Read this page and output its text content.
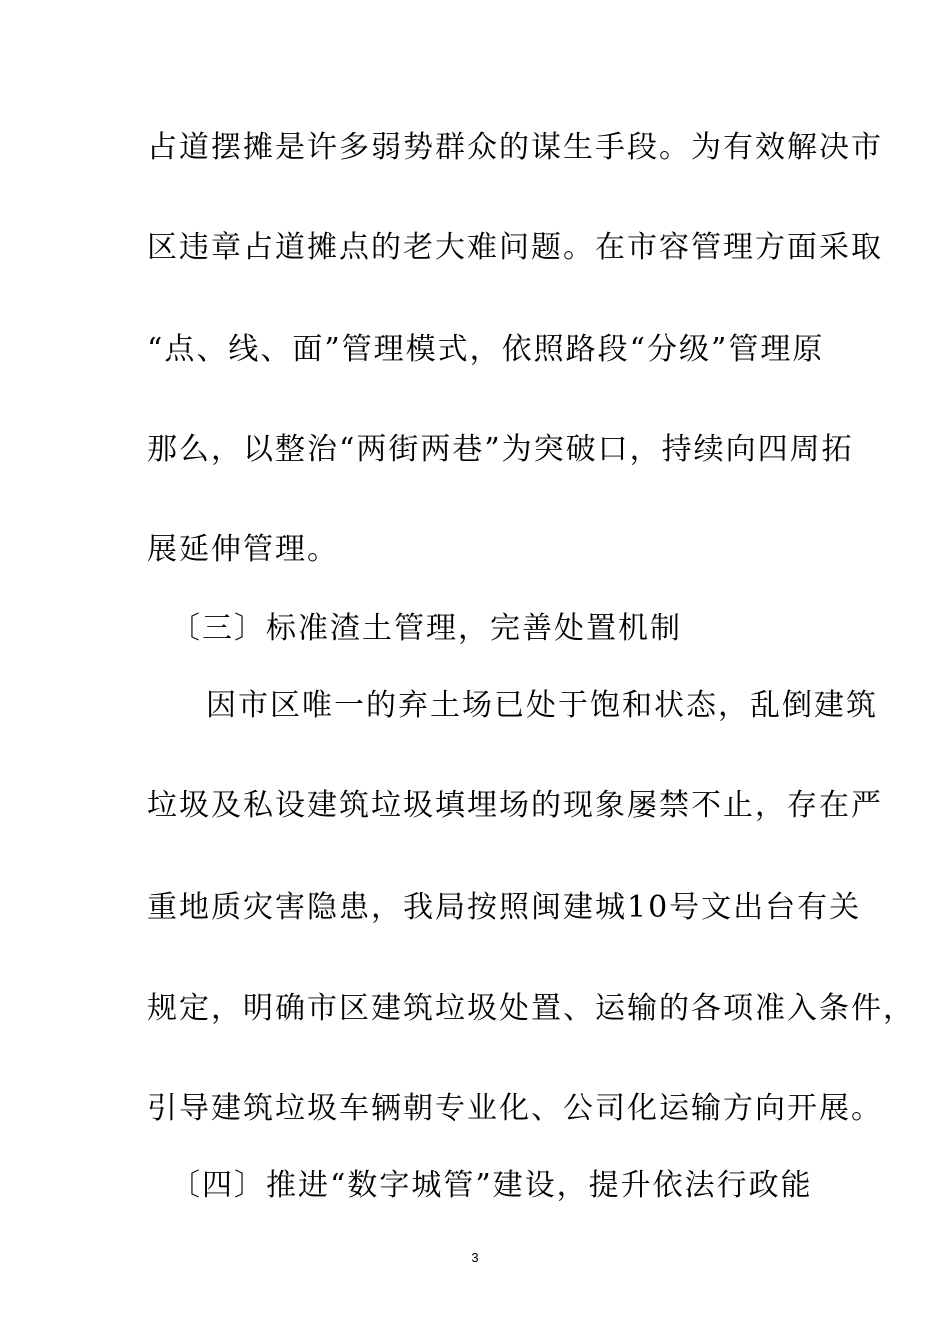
占道摆摊是许多弱势群众的谋生手段。为有效解决市
区违章占道摊点的老大难问题。在市容管理方面采取
“点、线、面”管理模式，依照路段“分级”管理原
那么，以整治“两街两巷”为突破口，持续向四周拓
展延伸管理。
〔三〕标准渣土管理，完善处置机制
因市区唯一的弃土场已处于饱和状态，乱倒建筑
垃圾及私设建筑垃圾填埋场的现象屡禁不止，存在严
重地质灾害隐患，我局按照闽建城10号文出台有关
规定，明确市区建筑垃圾处置、运输的各项准入条件，
引导建筑垃圾车辆朝专业化、公司化运输方向开展。
〔四〕推进“数字城管”建设，提升依法行政能
3
